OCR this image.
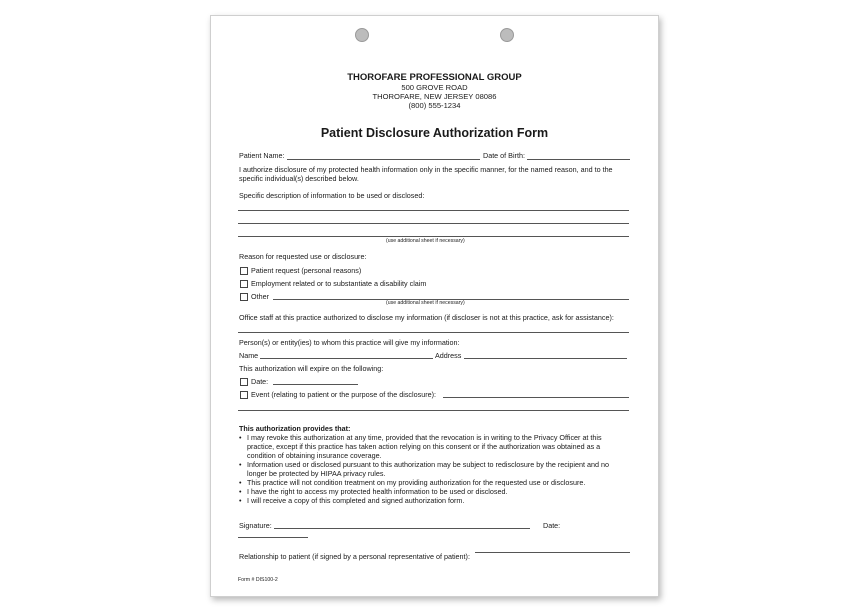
THOROFARE PROFESSIONAL GROUP
500 GROVE ROAD
THOROFARE, NEW JERSEY 08086
(800) 555-1234
Patient Disclosure Authorization Form
Patient Name:	Date of Birth:
I authorize disclosure of my protected health information only in the specific manner, for the named reason, and to the
specific individual(s) described below.
Specific description of information to be used or disclosed:
(use additional sheet if necessary)
Reason for requested use or disclosure:
Patient request (personal reasons)
Employment related or to substantiate a disability claim
Other
(use additional sheet if necessary)
Office staff at this practice authorized to disclose my information (if discloser is not at this practice, ask for assistance):
Person(s) or entity(ies) to whom this practice will give my information:
Name	Address
This authorization will expire on the following:
Date:
Event (relating to patient or the purpose of the disclosure):
This authorization provides that:
• I may revoke this authorization at any time, provided that the revocation is in writing to the Privacy Officer at this
practice, except if this practice has taken action relying on this consent or if the authorization was obtained as a
condition of obtaining insurance coverage.
• Information used or disclosed pursuant to this authorization may be subject to redisclosure by the recipient and no
longer be protected by HIPAA privacy rules.
• This practice will not condition treatment on my providing authorization for the requested use or disclosure.
• I have the right to access my protected health information to be used or disclosed.
• I will receive a copy of this completed and signed authorization form.
Signature:	Date:
Relationship to patient (if signed by a personal representative of patient):
Form # DIS100-2
